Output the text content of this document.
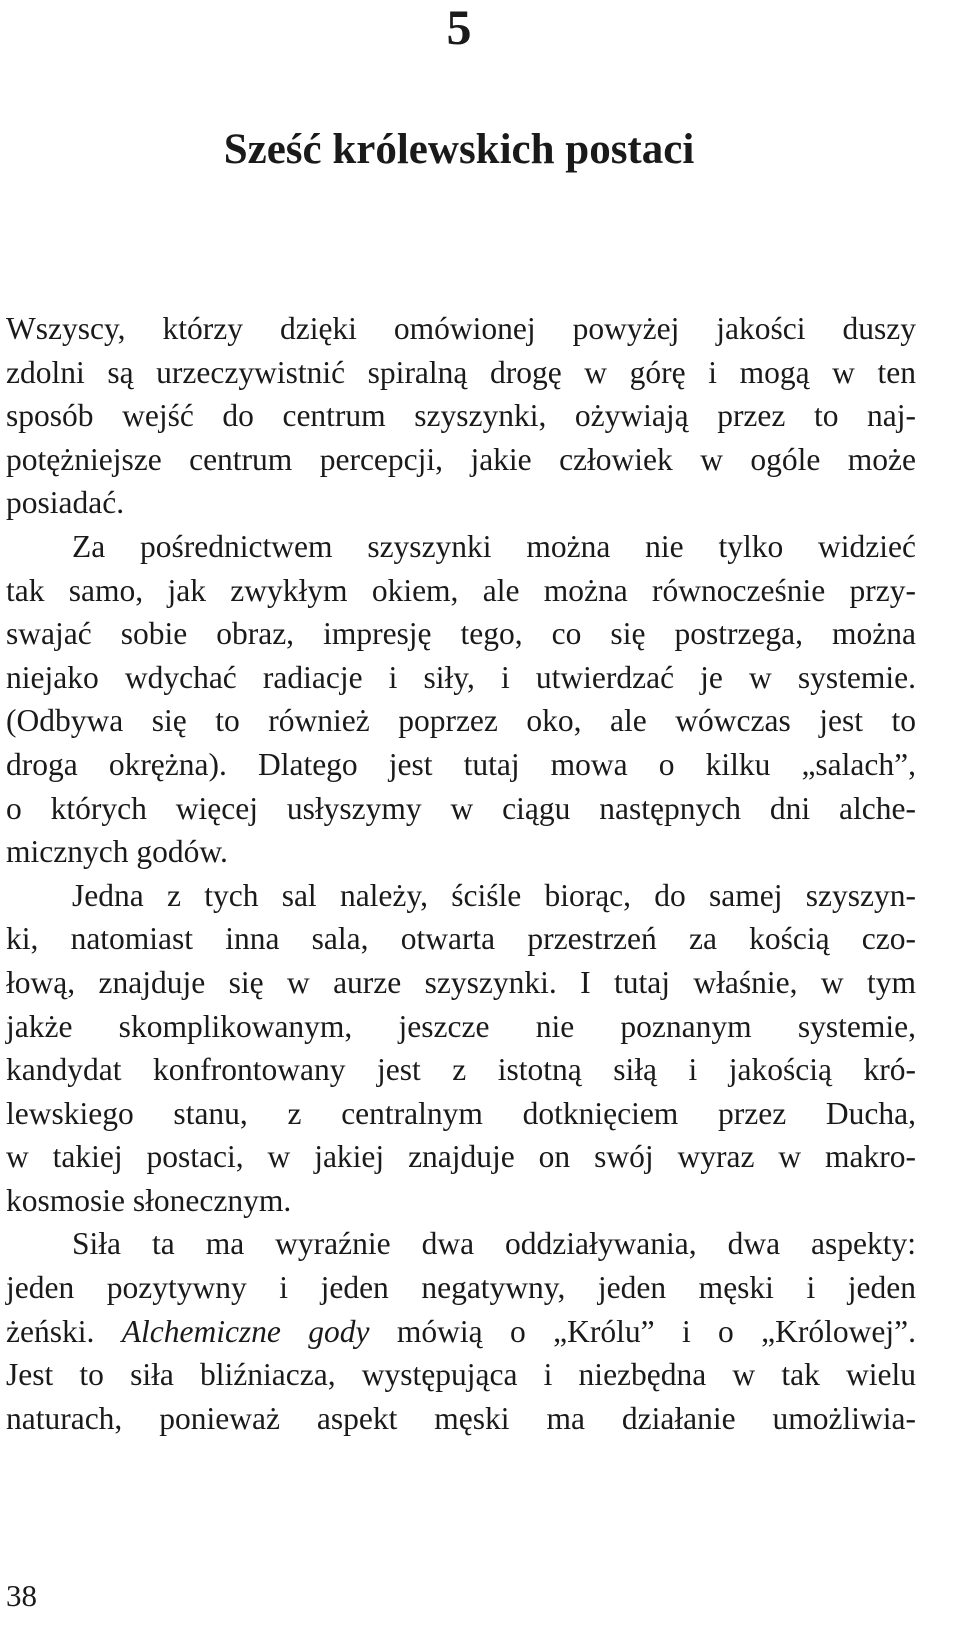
5
Sześć królewskich postaci
Wszyscy, którzy dzięki omówionej powyżej jakości duszy
zdolni są urzeczywistnić spiralną drogę w górę i mogą w ten
sposób wejść do centrum szyszynki, ożywiają przez to naj-
potężniejsze centrum percepcji, jakie człowiek w ogóle może
posiadać.
Za pośrednictwem szyszynki można nie tylko widzieć
tak samo, jak zwykłym okiem, ale można równocześnie przy-
swajać sobie obraz, impresję tego, co się postrzega, można
niejako wdychać radiacje i siły, i utwierdzać je w systemie.
(Odbywa się to również poprzez oko, ale wówczas jest to
droga okrężna). Dlatego jest tutaj mowa o kilku „salach”,
o których więcej usłyszymy w ciągu następnych dni alche-
micznych godów.
Jedna z tych sal należy, ściśle biorąc, do samej szyszyn-
ki, natomiast inna sala, otwarta przestrzeń za kością czo-
łową, znajduje się w aurze szyszynki. I tutaj właśnie, w tym
jakże skomplikowanym, jeszcze nie poznanym systemie,
kandydat konfrontowany jest z istotną siłą i jakością kró-
lewskiego stanu, z centralnym dotknięciem przez Ducha,
w takiej postaci, w jakiej znajduje on swój wyraz w makro-
kosmosie słonecznym.
Siła ta ma wyraźnie dwa oddziaływania, dwa aspekty:
jeden pozytywny i jeden negatywny, jeden męski i jeden
żeński. Alchemiczne gody mówią o „Królu” i o „Królowej”.
Jest to siła bliźniacza, występująca i niezbędna w tak wielu
naturach, ponieważ aspekt męski ma działanie umożliwia-
38
